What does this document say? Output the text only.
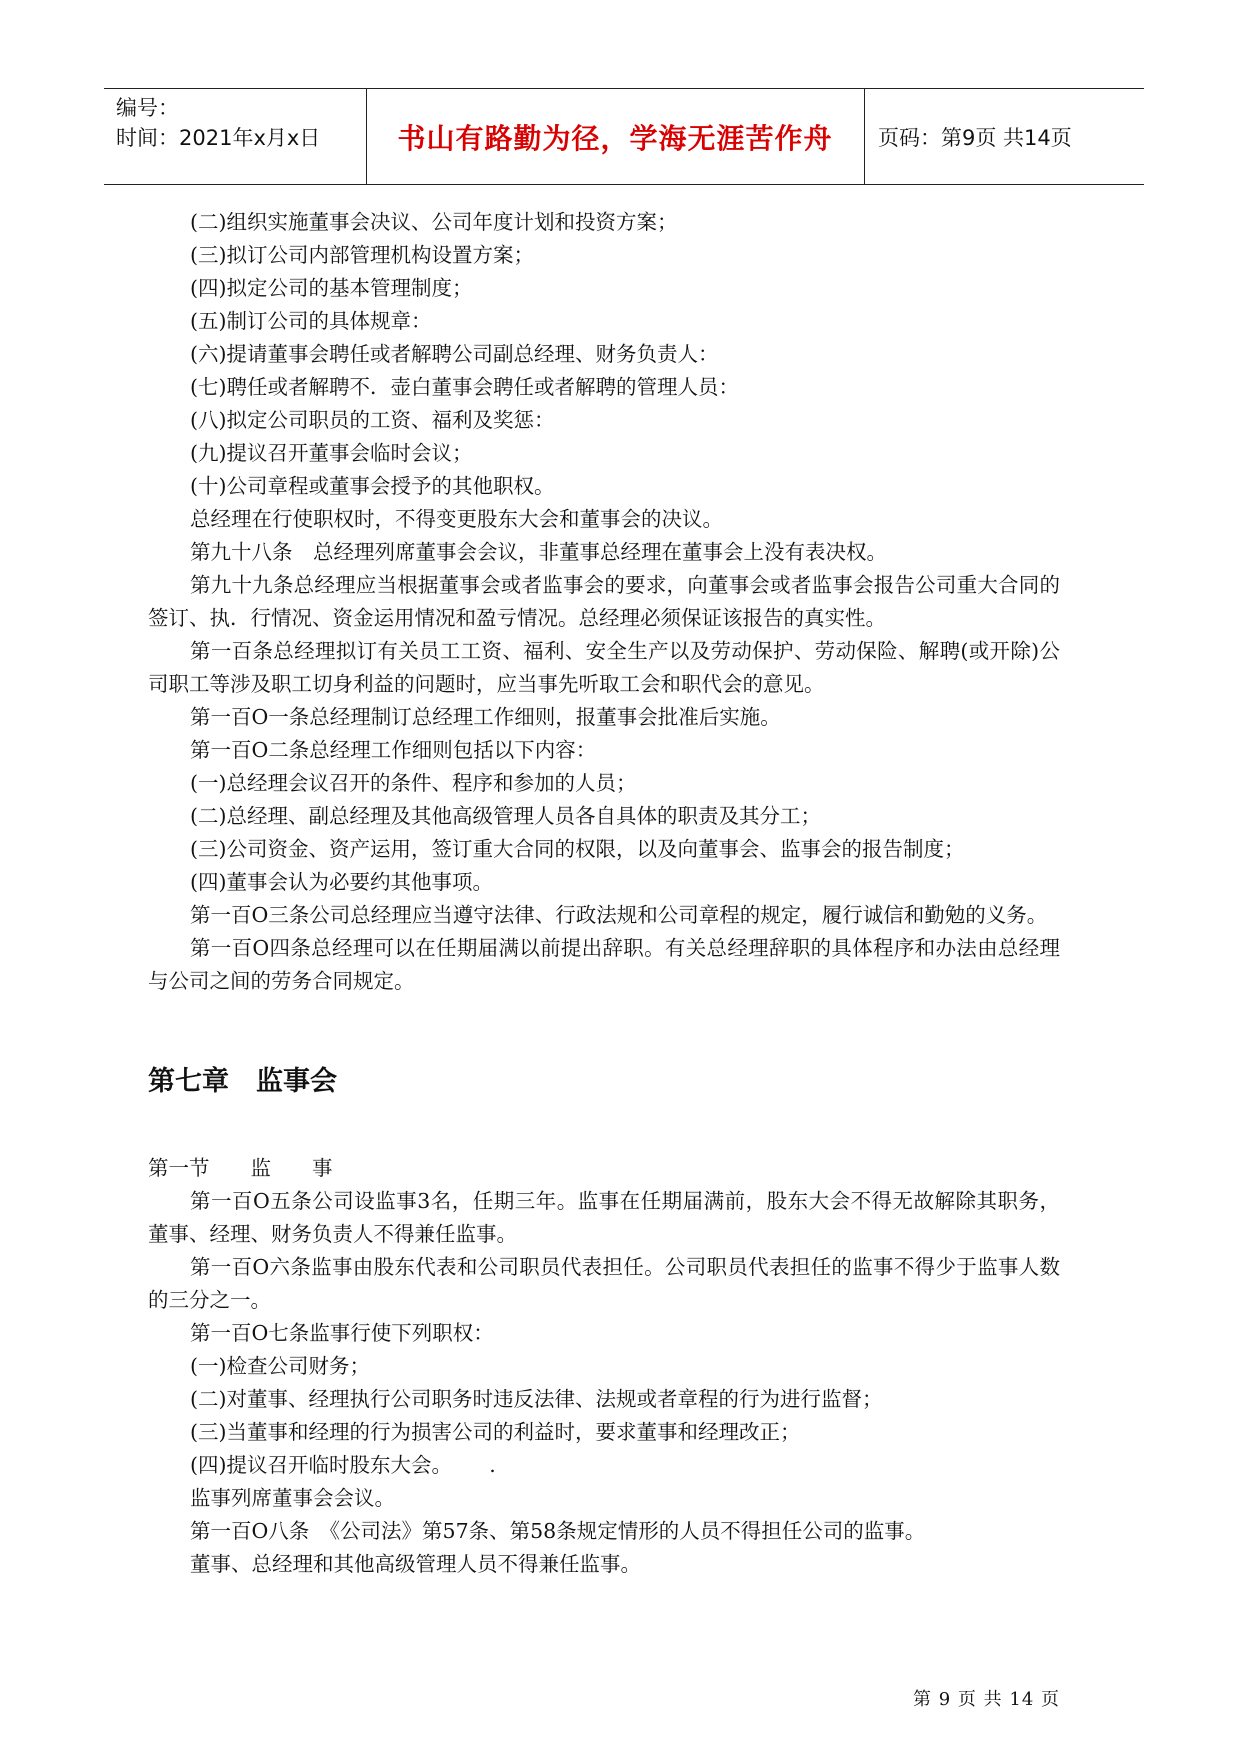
编号：
时间：2021年x月x日	书山有路勤为径，学海无涯苦作舟	页码：第9页 共14页

(二)组织实施董事会决议、公司年度计划和投资方案；

(三)拟订公司内部管理机构设置方案；

(四)拟定公司的基本管理制度；

(五)制订公司的具体规章：

(六)提请董事会聘任或者解聘公司副总经理、财务负责人：

(七)聘任或者解聘不．壶白董事会聘任或者解聘的管理人员：

(八)拟定公司职员的工资、福利及奖惩：

(九)提议召开董事会临时会议；

(十)公司章程或董事会授予的其他职权。

总经理在行使职权时，不得变更股东大会和董事会的决议。

第九十八条　总经理列席董事会会议，非董事总经理在董事会上没有表决权。

第九十九条总经理应当根据董事会或者监事会的要求，向董事会或者监事会报告公司重大合同的签订、执．行情况、资金运用情况和盈亏情况。总经理必须保证该报告的真实性。

第一百条总经理拟订有关员工工资、福利、安全生产以及劳动保护、劳动保险、解聘(或开除)公司职工等涉及职工切身利益的问题时，应当事先听取工会和职代会的意见。

第一百O一条总经理制订总经理工作细则，报董事会批准后实施。

第一百O二条总经理工作细则包括以下内容：

(一)总经理会议召开的条件、程序和参加的人员；

(二)总经理、副总经理及其他高级管理人员各自具体的职责及其分工；

(三)公司资金、资产运用，签订重大合同的权限，以及向董事会、监事会的报告制度；

(四)董事会认为必要约其他事项。

第一百O三条公司总经理应当遵守法律、行政法规和公司章程的规定，履行诚信和勤勉的义务。

第一百O四条总经理可以在任期届满以前提出辞职。有关总经理辞职的具体程序和办法由总经理与公司之间的劳务合同规定。

第七章　监事会

第一节　　监　　事

第一百O五条公司设监事3名，任期三年。监事在任期届满前，股东大会不得无故解除其职务，董事、经理、财务负责人不得兼任监事。

第一百O六条监事由股东代表和公司职员代表担任。公司职员代表担任的监事不得少于监事人数的三分之一。

第一百O七条监事行使下列职权：

(一)检查公司财务；

(二)对董事、经理执行公司职务时违反法律、法规或者章程的行为进行监督；

(三)当董事和经理的行为损害公司的利益时，要求董事和经理改正；

(四)提议召开临时股东大会。　　 .

监事列席董事会会议。

第一百O八条　《公司法》第57条、第58条规定情形的人员不得担任公司的监事。

董事、总经理和其他高级管理人员不得兼任监事。

第 9 页 共 14 页
